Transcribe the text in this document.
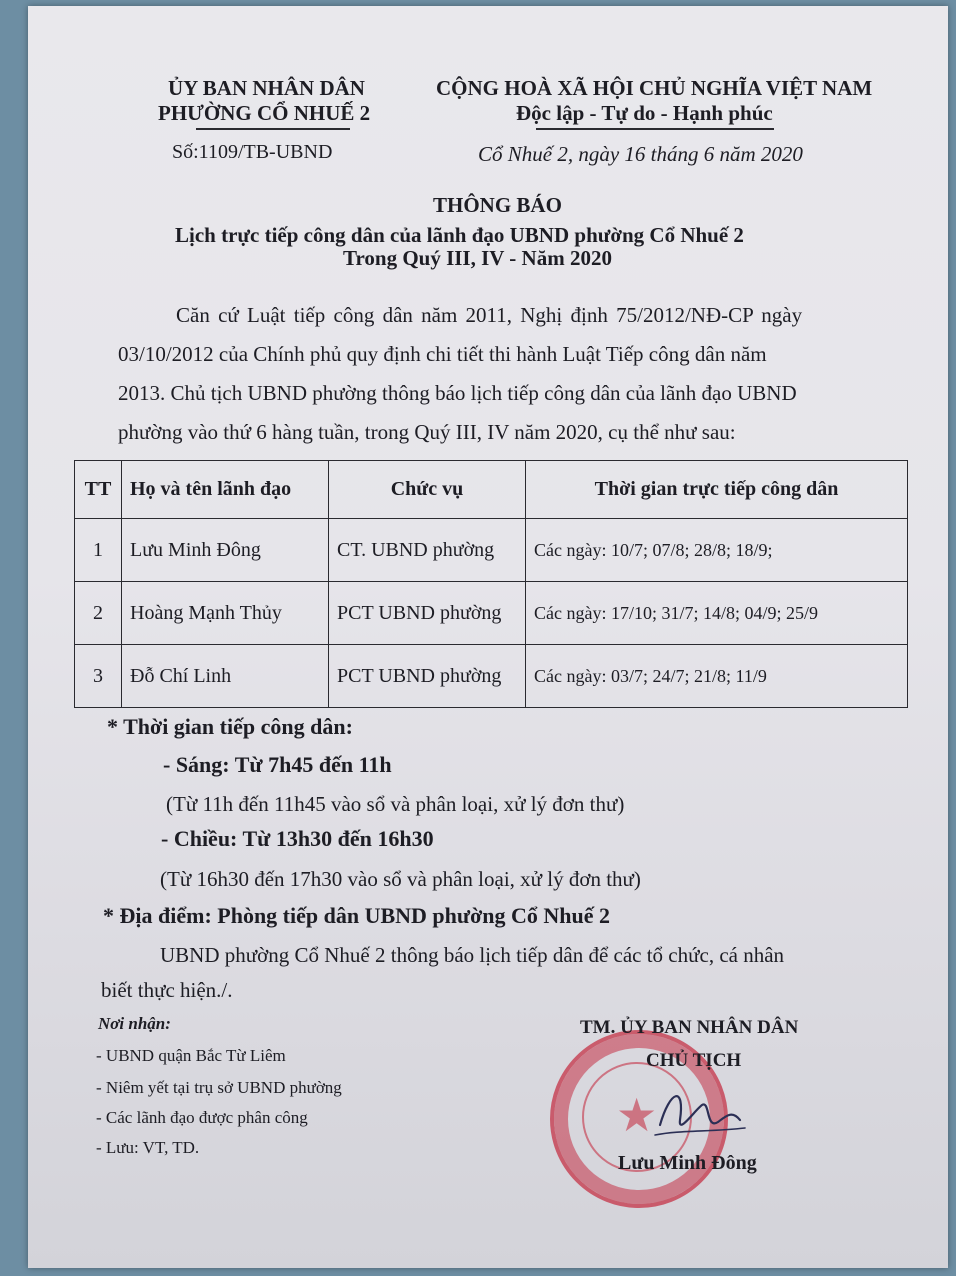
ỦY BAN NHÂN DÂN
PHƯỜNG CỔ NHUẾ 2
Số:1109/TB-UBND
CỘNG HOÀ XÃ HỘI CHỦ NGHĨA VIỆT NAM
Độc lập - Tự do - Hạnh phúc
Cổ Nhuế 2, ngày 16 tháng 6 năm 2020
THÔNG BÁO
Lịch trực tiếp công dân của lãnh đạo UBND phường Cổ Nhuế 2
Trong Quý III, IV - Năm 2020
Căn cứ Luật tiếp công dân năm 2011, Nghị định 75/2012/NĐ-CP ngày
03/10/2012 của Chính phủ quy định chi tiết thi hành Luật Tiếp công dân năm
2013. Chủ tịch UBND phường thông báo lịch tiếp công dân của lãnh đạo UBND
phường vào thứ 6 hàng tuần, trong Quý III, IV năm 2020, cụ thể như sau:
TT	Họ và tên lãnh đạo	Chức vụ	Thời gian trực tiếp công dân
1	Lưu Minh Đông	CT. UBND phường	Các ngày: 10/7; 07/8; 28/8; 18/9;
2	Hoàng Mạnh Thủy	PCT UBND phường	Các ngày: 17/10; 31/7; 14/8; 04/9; 25/9
3	Đỗ Chí Linh	PCT UBND phường	Các ngày: 03/7; 24/7; 21/8; 11/9
* Thời gian tiếp công dân:
- Sáng: Từ 7h45 đến 11h
(Từ 11h đến 11h45 vào sổ và phân loại, xử lý đơn thư)
- Chiều: Từ 13h30 đến 16h30
(Từ 16h30 đến 17h30 vào sổ và phân loại, xử lý đơn thư)
* Địa điểm: Phòng tiếp dân UBND phường Cổ Nhuế 2
UBND phường Cổ Nhuế 2 thông báo lịch tiếp dân để các tổ chức, cá nhân
biết thực hiện./.
Nơi nhận:
- UBND quận Bắc Từ Liêm
- Niêm yết tại trụ sở UBND phường
- Các lãnh đạo được phân công
- Lưu: VT, TD.
★
TM. ỦY BAN NHÂN DÂN
CHỦ TỊCH
Lưu Minh Đông
